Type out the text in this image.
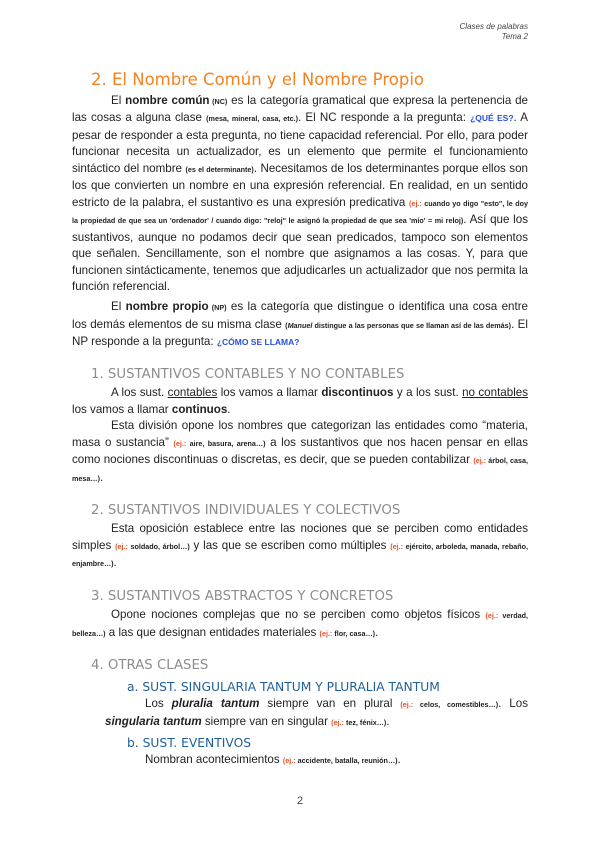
Clases de palabras
Tema 2
2. El Nombre Común y el Nombre Propio

El nombre común (NC) es la categoría gramatical que expresa la pertenencia de las cosas a alguna clase (mesa, mineral, casa, etc.). El NC responde a la pregunta: ¿QUÉ ES?. A pesar de responder a esta pregunta, no tiene capacidad referencial. Por ello, para poder funcionar necesita un actualizador, es un elemento que permite el funcionamiento sintáctico del nombre (es el determinante). Necesitamos de los determinantes porque ellos son los que convierten un nombre en una expresión referencial. En realidad, en un sentido estricto de la palabra, el sustantivo es una expresión predicativa (ej.: cuando yo digo "esto", le doy la propiedad de que sea un 'ordenador' / cuando digo: "reloj" le asignó la propiedad de que sea 'mío' = mi reloj). Así que los sustantivos, aunque no podamos decir que sean predicados, tampoco son elementos que señalen. Sencillamente, son el nombre que asignamos a las cosas. Y, para que funcionen sintácticamente, tenemos que adjudicarles un actualizador que nos permita la función referencial.

El nombre propio (NP) es la categoría que distingue o identifica una cosa entre los demás elementos de su misma clase (Manuel distingue a las personas que se llaman así de las demás). El NP responde a la pregunta: ¿CÓMO SE LLAMA?

1. SUSTANTIVOS CONTABLES Y NO CONTABLES

A los sust. contables los vamos a llamar discontinuos y a los sust. no contables los vamos a llamar continuos.

Esta división opone los nombres que categorizan las entidades como “materia, masa o sustancia” (ej.: aire, basura, arena…) a los sustantivos que nos hacen pensar en ellas como nociones discontinuas o discretas, es decir, que se pueden contabilizar (ej.: árbol, casa, mesa…).

2. SUSTANTIVOS INDIVIDUALES Y COLECTIVOS

Esta oposición establece entre las nociones que se perciben como entidades simples (ej.: soldado, árbol…) y las que se escriben como múltiples (ej.: ejército, arboleda, manada, rebaño, enjambre…).

3. SUSTANTIVOS ABSTRACTOS Y CONCRETOS

Opone nociones complejas que no se perciben como objetos físicos (ej.: verdad, belleza…) a las que designan entidades materiales (ej.: flor, casa…).

4. OTRAS CLASES
a. SUST. SINGULARIA TANTUM Y PLURALIA TANTUM

Los pluralia tantum siempre van en plural (ej.: celos, comestibles…). Los singularia tantum siempre van en singular (ej.: tez, fénix…).

b. SUST. EVENTIVOS

Nombran acontecimientos (ej.: accidente, batalla, reunión…).

2
